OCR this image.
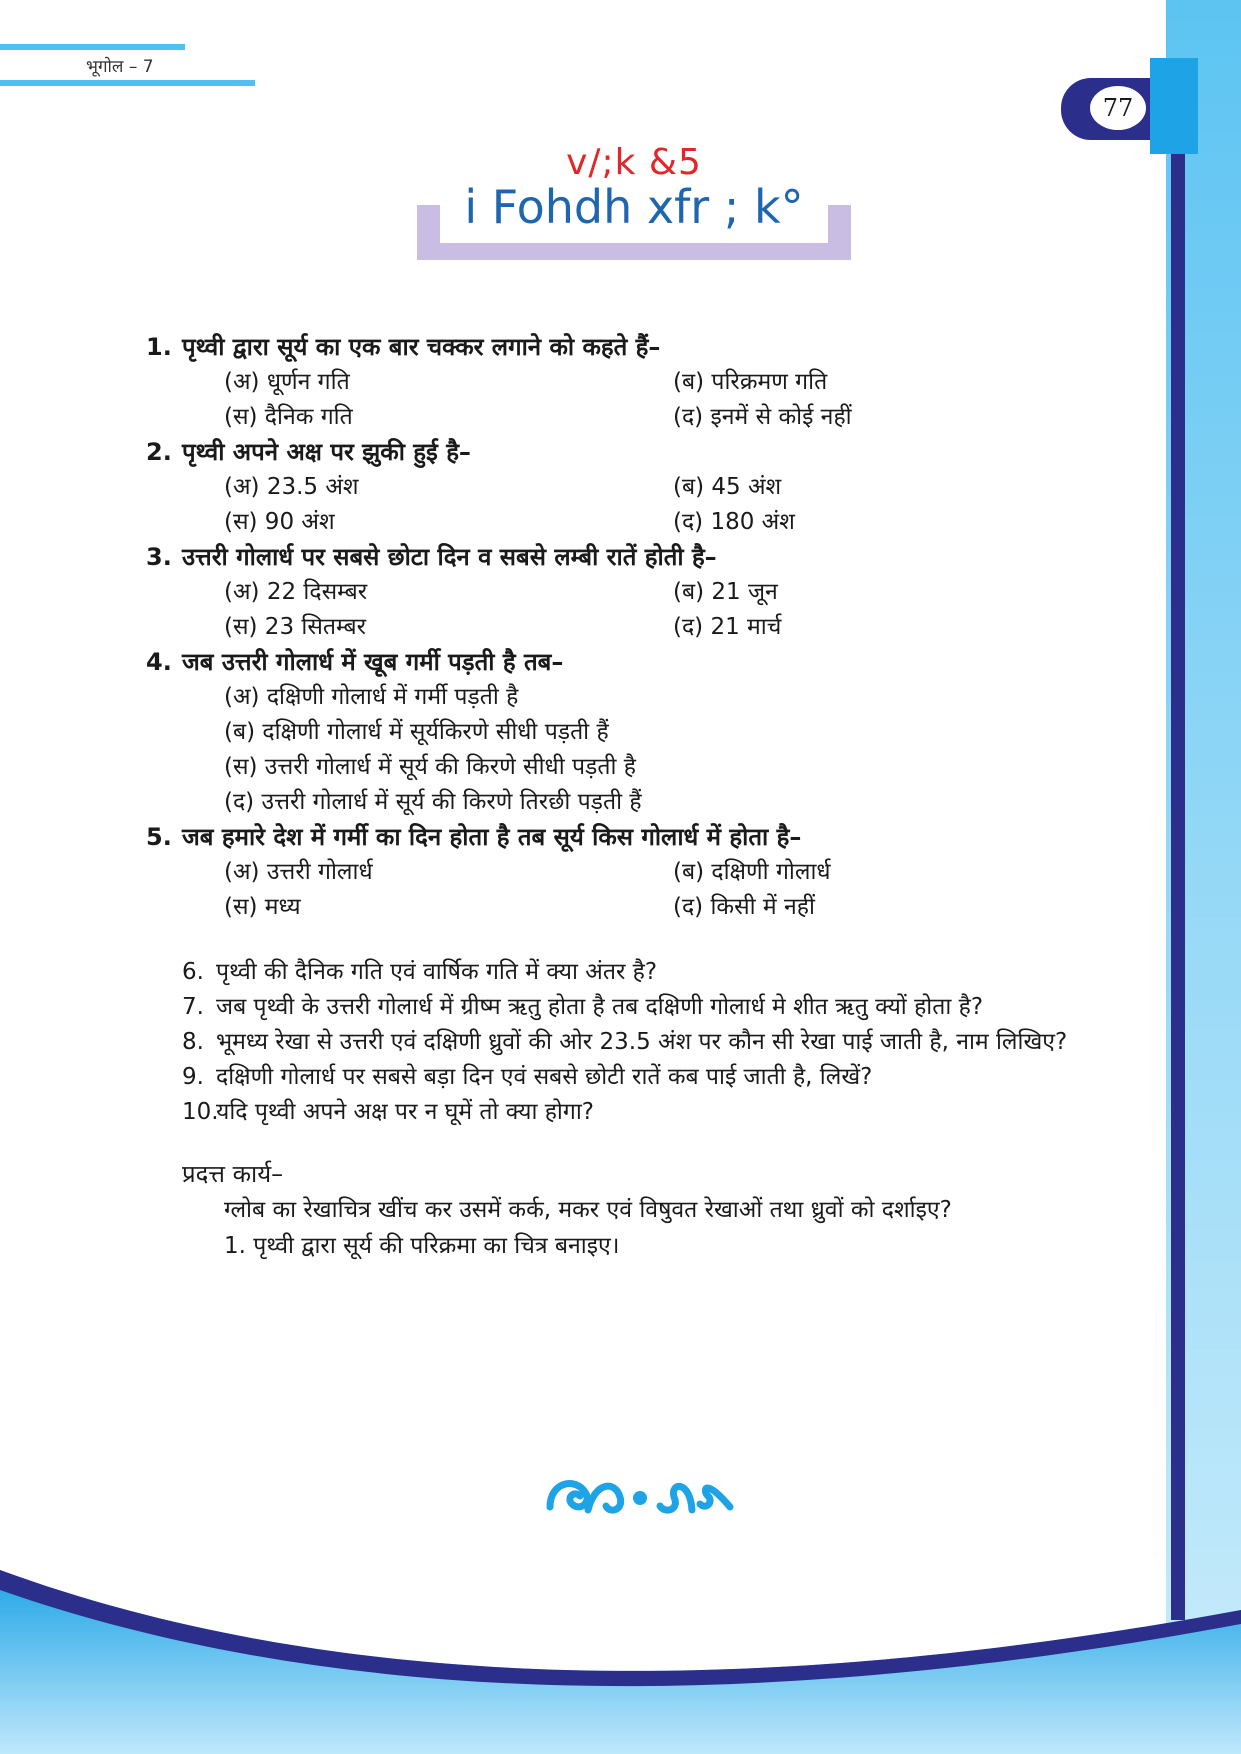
भूगोल – 7
77
v/;k &5
i Fohdh xfr ; k°
1. पृथ्वी द्वारा सूर्य का एक बार चक्कर लगाने को कहते हैं–
(अ) धूर्णन गति	(ब) परिक्रमण गति
(स) दैनिक गति	(द) इनमें से कोई नहीं
2. पृथ्वी अपने अक्ष पर झुकी हुई है–
(अ) 23.5 अंश	(ब) 45 अंश
(स) 90 अंश	(द) 180 अंश
3. उत्तरी गोलार्ध पर सबसे छोटा दिन व सबसे लम्बी रातें होती है–
(अ) 22 दिसम्बर	(ब) 21 जून
(स) 23 सितम्बर	(द) 21 मार्च
4. जब उत्तरी गोलार्ध में खूब गर्मी पड़ती है तब–
(अ) दक्षिणी गोलार्ध में गर्मी पड़ती है
(ब) दक्षिणी गोलार्ध में सूर्यकिरणे सीधी पड़ती हैं
(स) उत्तरी गोलार्ध में सूर्य की किरणे सीधी पड़ती है
(द) उत्तरी गोलार्ध में सूर्य की किरणे तिरछी पड़ती हैं
5. जब हमारे देश में गर्मी का दिन होता है तब सूर्य किस गोलार्ध में होता है–
(अ) उत्तरी गोलार्ध	(ब) दक्षिणी गोलार्ध
(स) मध्य	(द) किसी में नहीं
6. पृथ्वी की दैनिक गति एवं वार्षिक गति में क्या अंतर है?
7. जब पृथ्वी के उत्तरी गोलार्ध में ग्रीष्म ऋतु होता है तब दक्षिणी गोलार्ध मे शीत ऋतु क्यों होता है?
8. भूमध्य रेखा से उत्तरी एवं दक्षिणी ध्रुवों की ओर 23.5 अंश पर कौन सी रेखा पाई जाती है, नाम लिखिए?
9. दक्षिणी गोलार्ध पर सबसे बड़ा दिन एवं सबसे छोटी रातें कब पाई जाती है, लिखें?
10.
यदि पृथ्वी अपने अक्ष पर न घूमें तो क्या होगा?
प्रदत्त कार्य–
ग्लोब का रेखाचित्र खींच कर उसमें कर्क, मकर एवं विषुवत रेखाओं तथा ध्रुवों को दर्शाइए?
1. पृथ्वी द्वारा सूर्य की परिक्रमा का चित्र बनाइए।
